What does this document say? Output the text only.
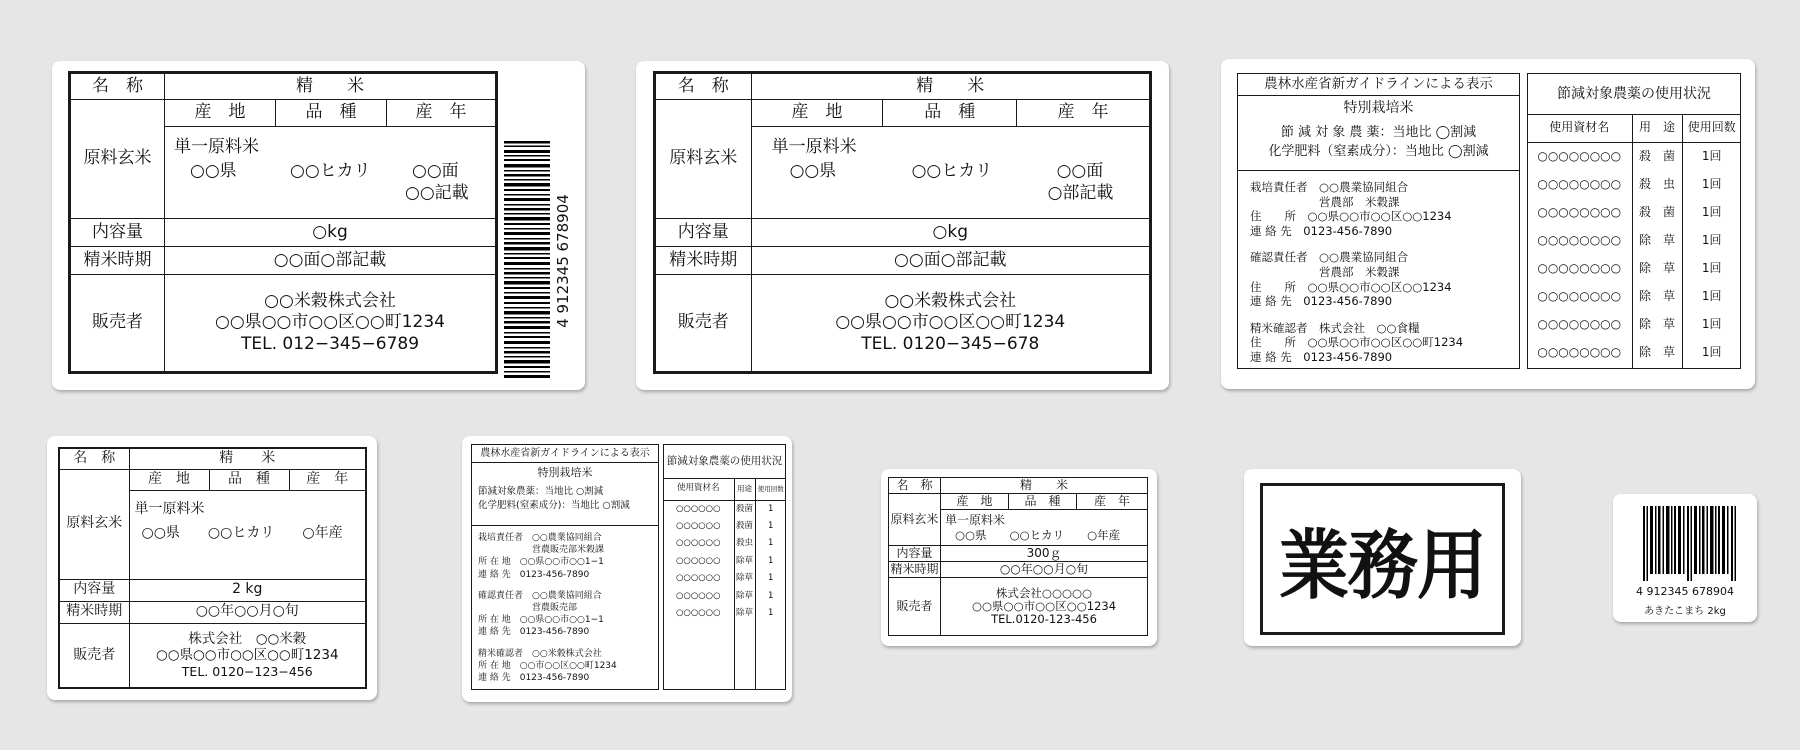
名　称	精　　米		
原料玄米	産　地	品　種	産　年

	単一原料米
○○県 ○○ヒカリ ○○面
○○記載		

内容量	○kg		
精米時期	○○面○部記載		
販売者	○○米穀株式会社
○○県○○市○○区○○町1234
TEL. 012−345−6789		
4 912345 678904
名　称	精　　米		
原料玄米	産　地	品　種	産　年

	単一原料米
○○県 ○○ヒカリ ○○面
○部記載		

内容量	○kg		
精米時期	○○面○部記載		
販売者	○○米穀株式会社
○○県○○市○○区○○町1234
TEL. 0120−345−678		
農林水産省新ガイドラインによる表示
特別栽培米
節 減 対 象 農 薬：当地比 ◯割減
化学肥料（窒素成分）：当地比 ◯割減
栽培責任者　○○農業協同組合
　　　　　　営農部　米穀課
住　　所　○○県○○市○○区○○1234
連 絡 先　0123-456-7890
確認責任者　○○農業協同組合
　　　　　　営農部　米穀課
住　　所　○○県○○市○○区○○1234
連 絡 先　0123-456-7890
精米確認者　株式会社　○○食糧
住　　所　○○県○○市○○区○○町1234
連 絡 先　0123-456-7890
節減対象農薬の使用状況
使用資材名	用　途	使用回数
○○○○○○○○	殺　菌	1回
○○○○○○○○	殺　虫	1回
○○○○○○○○	殺　菌	1回
○○○○○○○○	除　草	1回
○○○○○○○○	除　草	1回
○○○○○○○○	除　草	1回
○○○○○○○○	除　草	1回
○○○○○○○○	除　草	1回

名　称	精　　米		
原料玄米	産　地	品　種	産　年

	単一原料米
○○県　　○○ヒカリ　　○年産		

内容量	2 kg		
精米時期	○○年○○月○旬		
販売者	株式会社　○○米穀
○○県○○市○○区○○町1234
TEL. 0120−123−456		
農林水産省新ガイドラインによる表示
特別栽培米
節減対象農薬：当地比 ○割減
化学肥料(窒素成分)：当地比 ○割減
栽培責任者　○○農業協同組合
　　　　　　営農販売部米穀課
所 在 地　○○県○○市○○1−1
連 絡 先　0123-456-7890
確認責任者　○○農業協同組合
　　　　　　営農販売部
所 在 地　○○県○○市○○1−1
連 絡 先　0123-456-7890
精米確認者　○○米穀株式会社
所 在 地　○○市○○区○○町1234
連 絡 先　0123-456-7890
節減対象農薬の使用状況
使用資材名	用途	使用回数
○○○○○○	殺菌	1
○○○○○○	殺菌	1
○○○○○○	殺虫	1
○○○○○○	除草	1
○○○○○○	除草	1
○○○○○○	除草	1
○○○○○○	除草	1

名　称	精　　米		
原料玄米	産　地	品　種	産　年

	単一原料米
○○県　　○○ヒカリ　　○年産		

内容量	300ｇ		
精米時期	○○年○○月○旬		
販売者	株式会社○○○○○
○○県○○市○○区○○1234
TEL.0120-123-456		
業務用	4 912345 678904
あきたこまち 2kg
